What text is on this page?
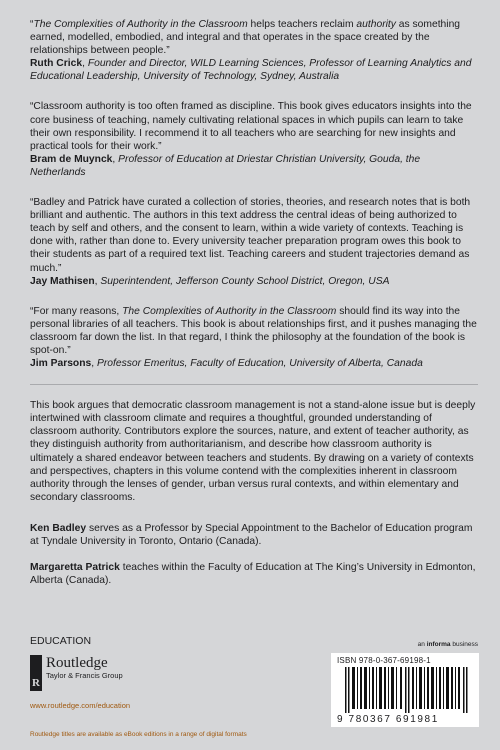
“The Complexities of Authority in the Classroom helps teachers reclaim authority as something earned, modelled, embodied, and integral and that operates in the space created by the relationships between people.”

Ruth Crick, Founder and Director, WILD Learning Sciences, Professor of Learning Analytics and Educational Leadership, University of Technology, Sydney, Australia

“Classroom authority is too often framed as discipline. This book gives educators insights into the core business of teaching, namely cultivating relational spaces in which pupils can learn to take their own responsibility. I recommend it to all teachers who are searching for new insights and practical tools for their work.”

Bram de Muynck, Professor of Education at Driestar Christian University, Gouda, the Netherlands

“Badley and Patrick have curated a collection of stories, theories, and research notes that is both brilliant and authentic. The authors in this text address the central ideas of being authorized to teach by self and others, and the consent to learn, within a wide variety of contexts. Teaching is done with, rather than done to. Every university teacher preparation program owes this book to their students as part of a required text list. Teaching careers and student trajectories demand as much.”

Jay Mathisen, Superintendent, Jefferson County School District, Oregon, USA

“For many reasons, The Complexities of Authority in the Classroom should find its way into the personal libraries of all teachers. This book is about relationships first, and it pushes managing the classroom far down the list. In that regard, I think the philosophy at the foundation of the book is spot-on.”

Jim Parsons, Professor Emeritus, Faculty of Education, University of Alberta, Canada

This book argues that democratic classroom management is not a stand-alone issue but is deeply intertwined with classroom climate and requires a thoughtful, grounded understanding of classroom authority. Contributors explore the sources, nature, and extent of teacher authority, as they distinguish authority from authoritarianism, and describe how classroom authority is ultimately a shared endeavor between teachers and students. By drawing on a variety of contexts and perspectives, chapters in this volume contend with the complexities inherent in classroom authority through the lenses of gender, urban versus rural contexts, and within elementary and secondary classrooms.

Ken Badley serves as a Professor by Special Appointment to the Bachelor of Education program at Tyndale University in Toronto, Ontario (Canada).

Margaretta Patrick teaches within the Faculty of Education at The King’s University in Edmonton, Alberta (Canada).

EDUCATION
R
Routledge
Taylor & Francis Group
www.routledge.com/education
Routledge titles are available as eBook editions in a range of digital formats
an informa business
ISBN 978-0-367-69198-1
9 780367 691981
